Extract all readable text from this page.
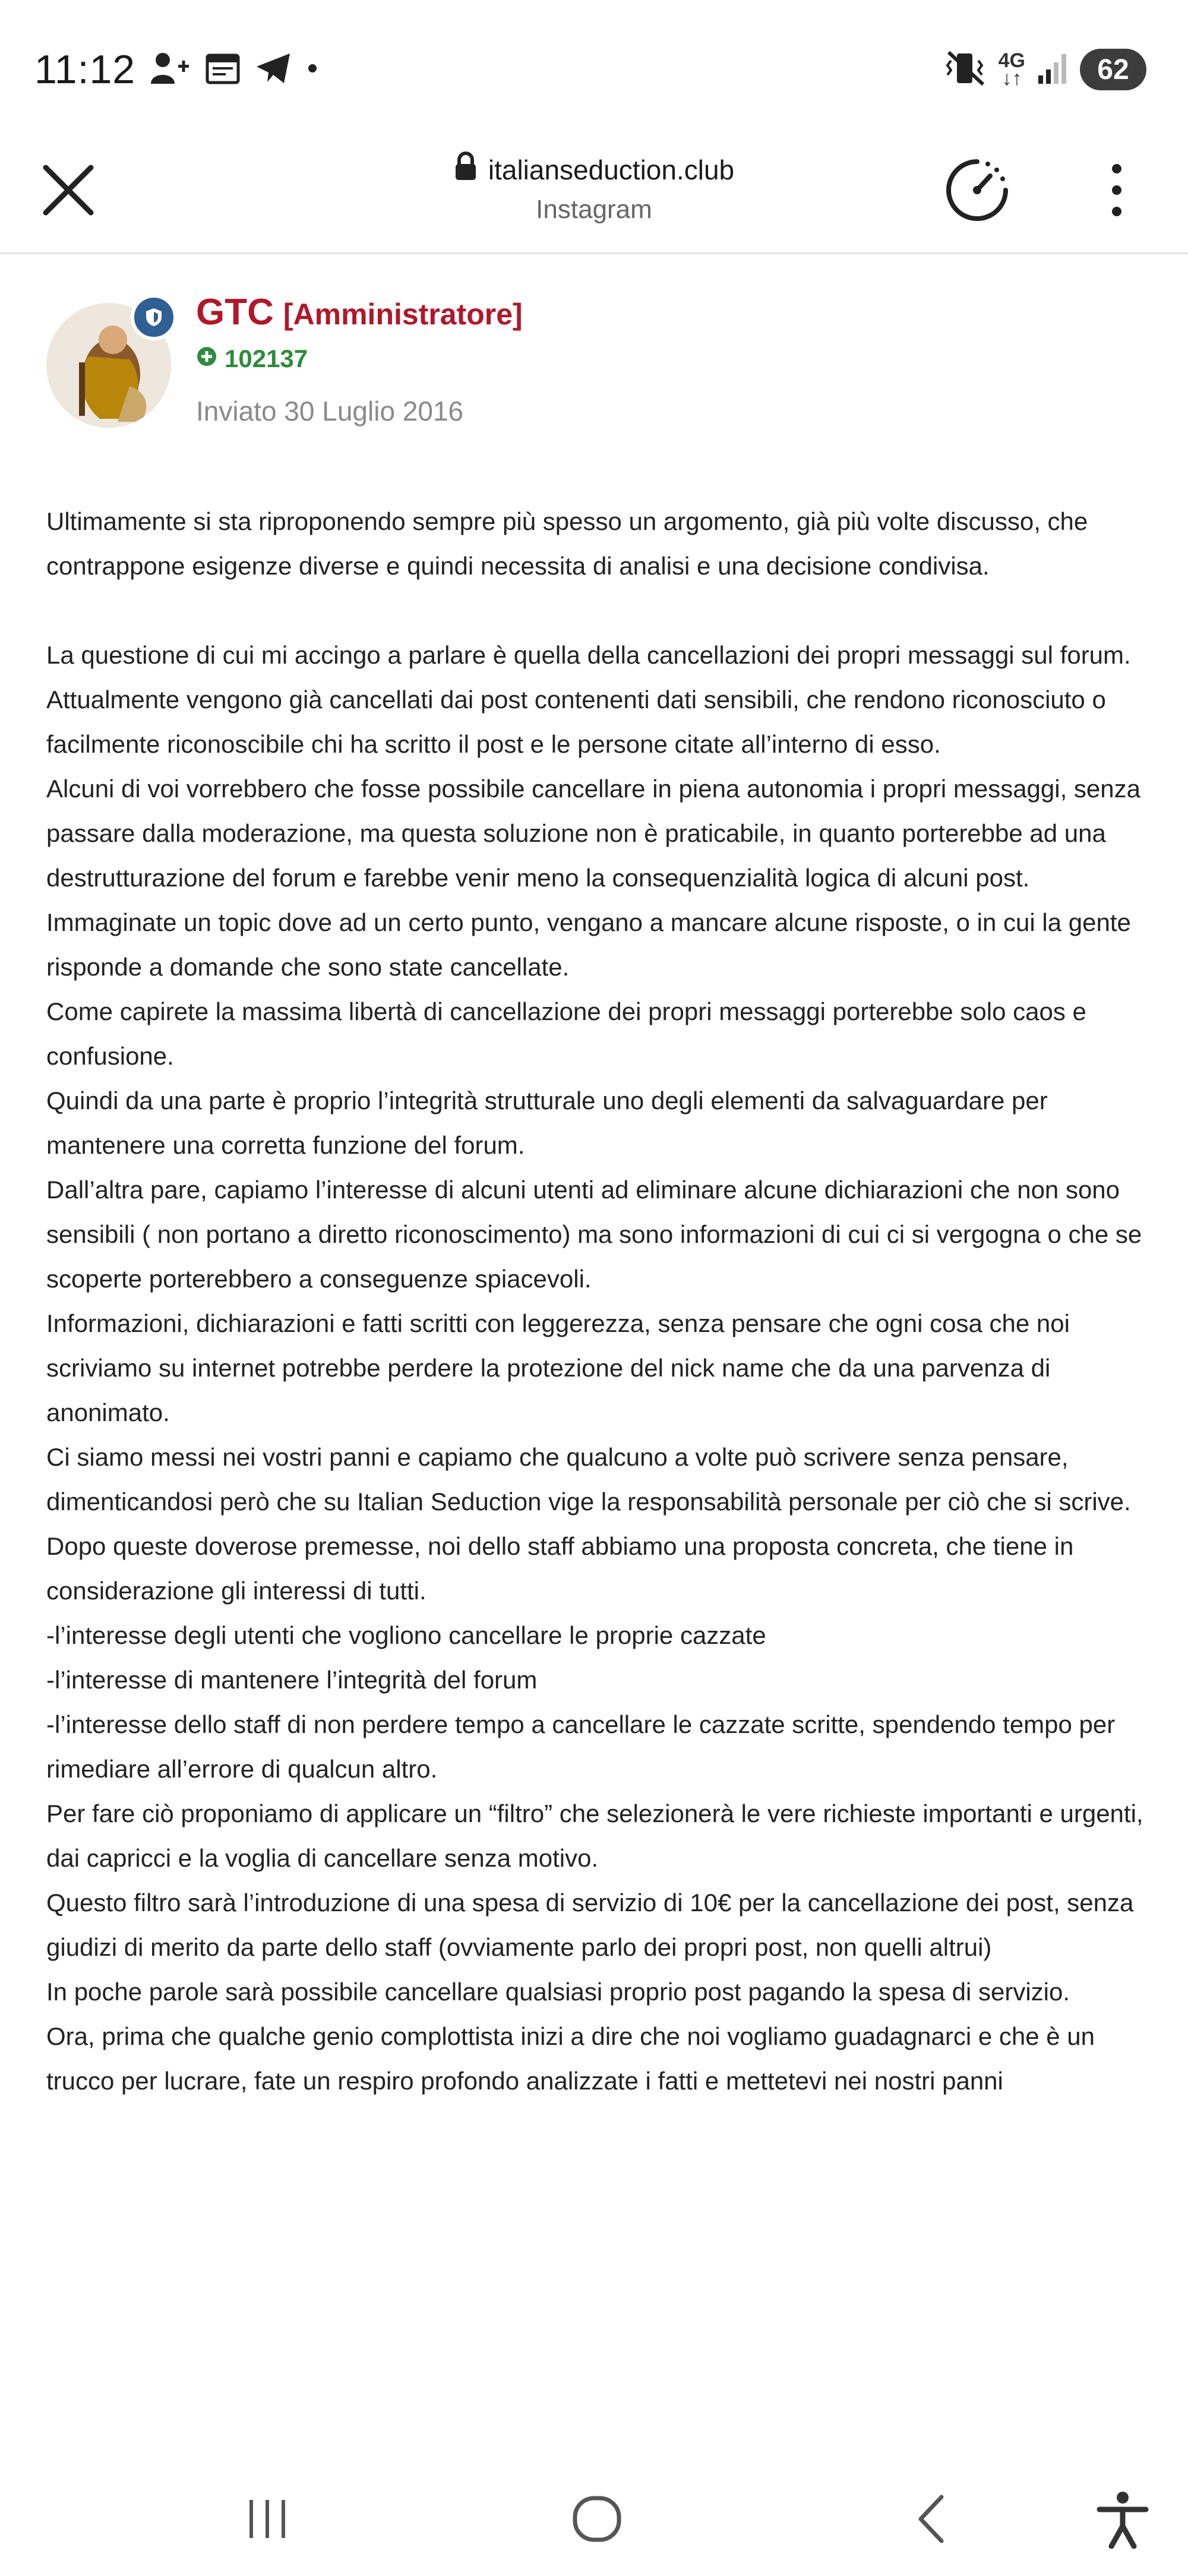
11:12	4G
↓↑	62
italianseduction.club
Instagram
GTC [Amministratore]
102137
Inviato 30 Luglio 2016

Ultimamente si sta riproponendo sempre più spesso un argomento, già più volte discusso, che contrappone esigenze diverse e quindi necessita di analisi e una decisione condivisa.

La questione di cui mi accingo a parlare è quella della cancellazioni dei propri messaggi sul forum.

Attualmente vengono già cancellati dai post contenenti dati sensibili, che rendono riconosciuto o facilmente riconoscibile chi ha scritto il post e le persone citate all’interno di esso.

Alcuni di voi vorrebbero che fosse possibile cancellare in piena autonomia i propri messaggi, senza passare dalla moderazione, ma questa soluzione non è praticabile, in quanto porterebbe ad una destrutturazione del forum e farebbe venir meno la consequenzialità logica di alcuni post.

Immaginate un topic dove ad un certo punto, vengano a mancare alcune risposte, o in cui la gente risponde a domande che sono state cancellate.

Come capirete la massima libertà di cancellazione dei propri messaggi porterebbe solo caos e confusione.

Quindi da una parte è proprio l’integrità strutturale uno degli elementi da salvaguardare per mantenere una corretta funzione del forum.

Dall’altra pare, capiamo l’interesse di alcuni utenti ad eliminare alcune dichiarazioni che non sono sensibili ( non portano a diretto riconoscimento) ma sono informazioni di cui ci si vergogna o che se scoperte porterebbero a conseguenze spiacevoli.

Informazioni, dichiarazioni e fatti scritti con leggerezza, senza pensare che ogni cosa che noi scriviamo su internet potrebbe perdere la protezione del nick name che da una parvenza di anonimato.

Ci siamo messi nei vostri panni e capiamo che qualcuno a volte può scrivere senza pensare, dimenticandosi però che su Italian Seduction vige la responsabilità personale per ciò che si scrive.

Dopo queste doverose premesse, noi dello staff abbiamo una proposta concreta, che tiene in considerazione gli interessi di tutti.

-l’interesse degli utenti che vogliono cancellare le proprie cazzate

-l’interesse di mantenere l’integrità del forum

-l’interesse dello staff di non perdere tempo a cancellare le cazzate scritte, spendendo tempo per rimediare all’errore di qualcun altro.

Per fare ciò proponiamo di applicare un “filtro” che selezionerà le vere richieste importanti e urgenti, dai capricci e la voglia di cancellare senza motivo.

Questo filtro sarà l’introduzione di una spesa di servizio di 10€ per la cancellazione dei post, senza giudizi di merito da parte dello staff (ovviamente parlo dei propri post, non quelli altrui)

In poche parole sarà possibile cancellare qualsiasi proprio post pagando la spesa di servizio.

Ora, prima che qualche genio complottista inizi a dire che noi vogliamo guadagnarci e che è un trucco per lucrare, fate un respiro profondo analizzate i fatti e mettetevi nei nostri panni
